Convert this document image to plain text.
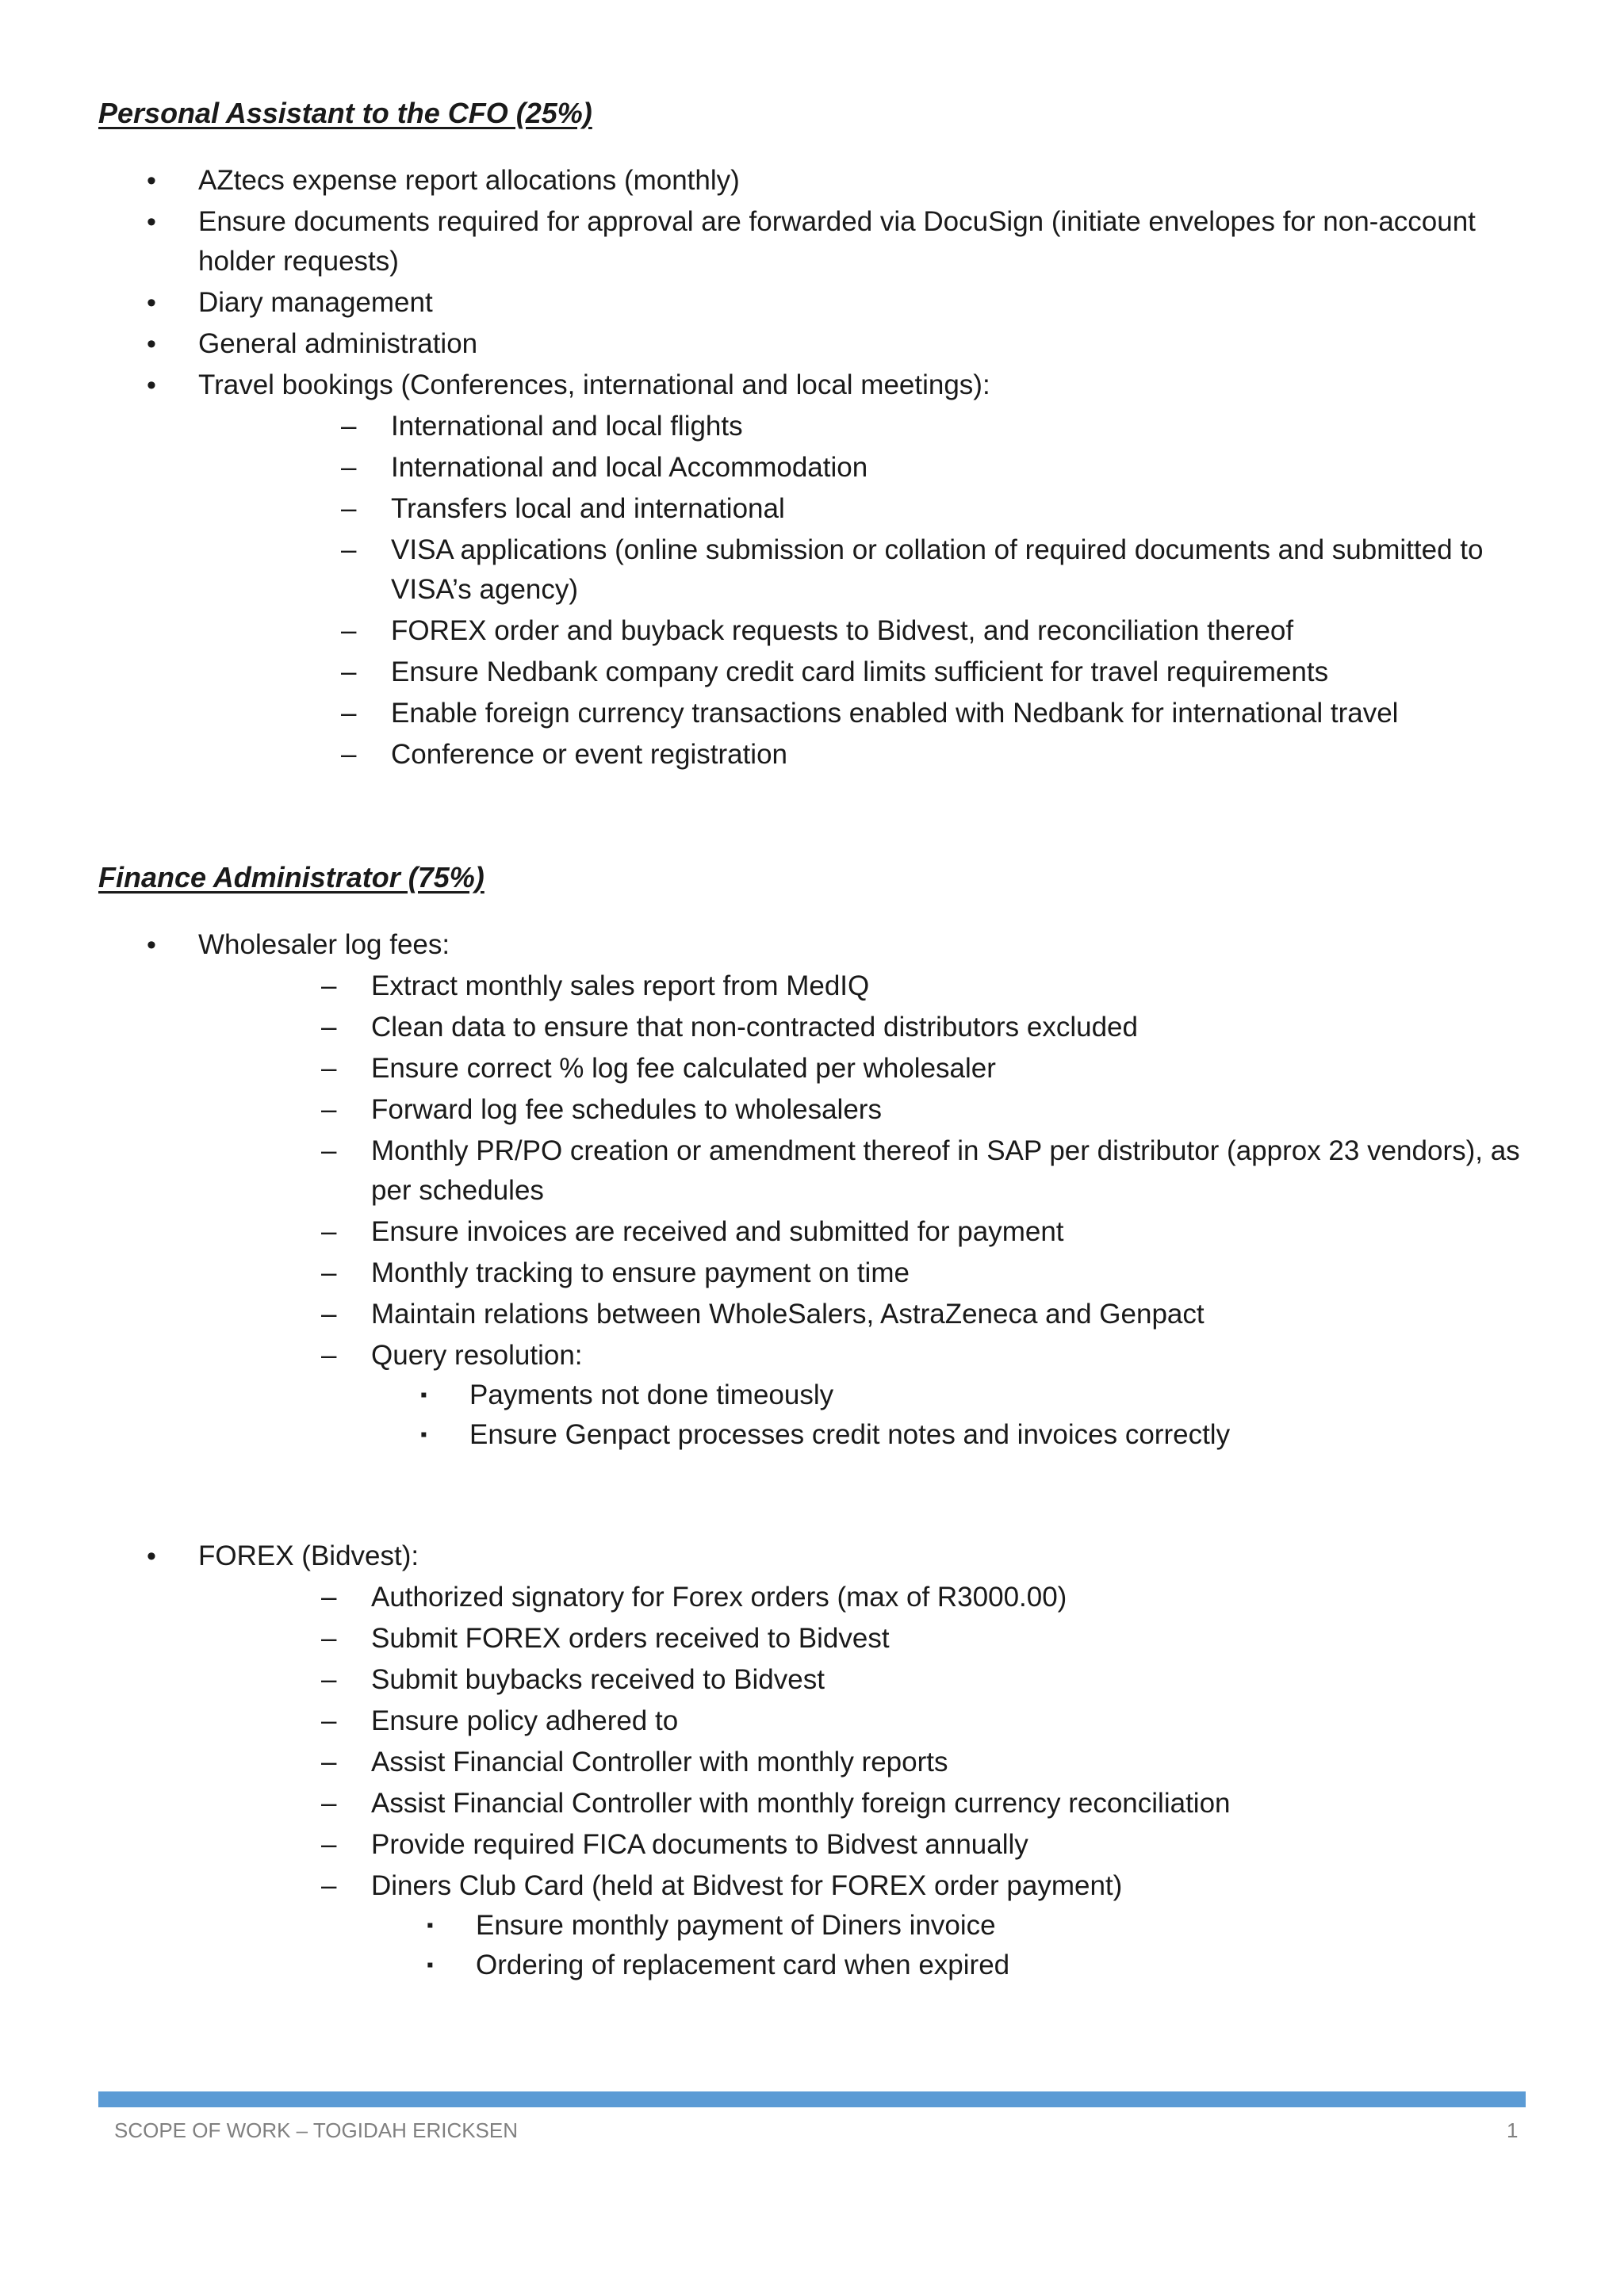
Personal Assistant to the CFO (25%)
• AZtecs expense report allocations (monthly)
• Ensure documents required for approval are forwarded via DocuSign (initiate envelopes for non-account
holder requests)
• Diary management
• General administration
• Travel bookings (Conferences, international and local meetings):
– International and local flights
– International and local Accommodation
– Transfers local and international
– VISA applications (online submission or collation of required documents and submitted to
VISA’s agency)
– FOREX order and buyback requests to Bidvest, and reconciliation thereof
– Ensure Nedbank company credit card limits sufficient for travel requirements
– Enable foreign currency transactions enabled with Nedbank for international travel
– Conference or event registration
Finance Administrator (75%)
• Wholesaler log fees:
– Extract monthly sales report from MedIQ
– Clean data to ensure that non-contracted distributors excluded
– Ensure correct % log fee calculated per wholesaler
– Forward log fee schedules to wholesalers
– Monthly PR/PO creation or amendment thereof in SAP per distributor (approx 23 vendors), as
per schedules
– Ensure invoices are received and submitted for payment
– Monthly tracking to ensure payment on time
– Maintain relations between WholeSalers, AstraZeneca and Genpact
– Query resolution:
▪ Payments not done timeously
▪ Ensure Genpact processes credit notes and invoices correctly
• FOREX (Bidvest):
– Authorized signatory for Forex orders (max of R3000.00)
– Submit FOREX orders received to Bidvest
– Submit buybacks received to Bidvest
– Ensure policy adhered to
– Assist Financial Controller with monthly reports
– Assist Financial Controller with monthly foreign currency reconciliation
– Provide required FICA documents to Bidvest annually
– Diners Club Card (held at Bidvest for FOREX order payment)
▪ Ensure monthly payment of Diners invoice
▪ Ordering of replacement card when expired
SCOPE OF WORK – TOGIDAH ERICKSEN	1
